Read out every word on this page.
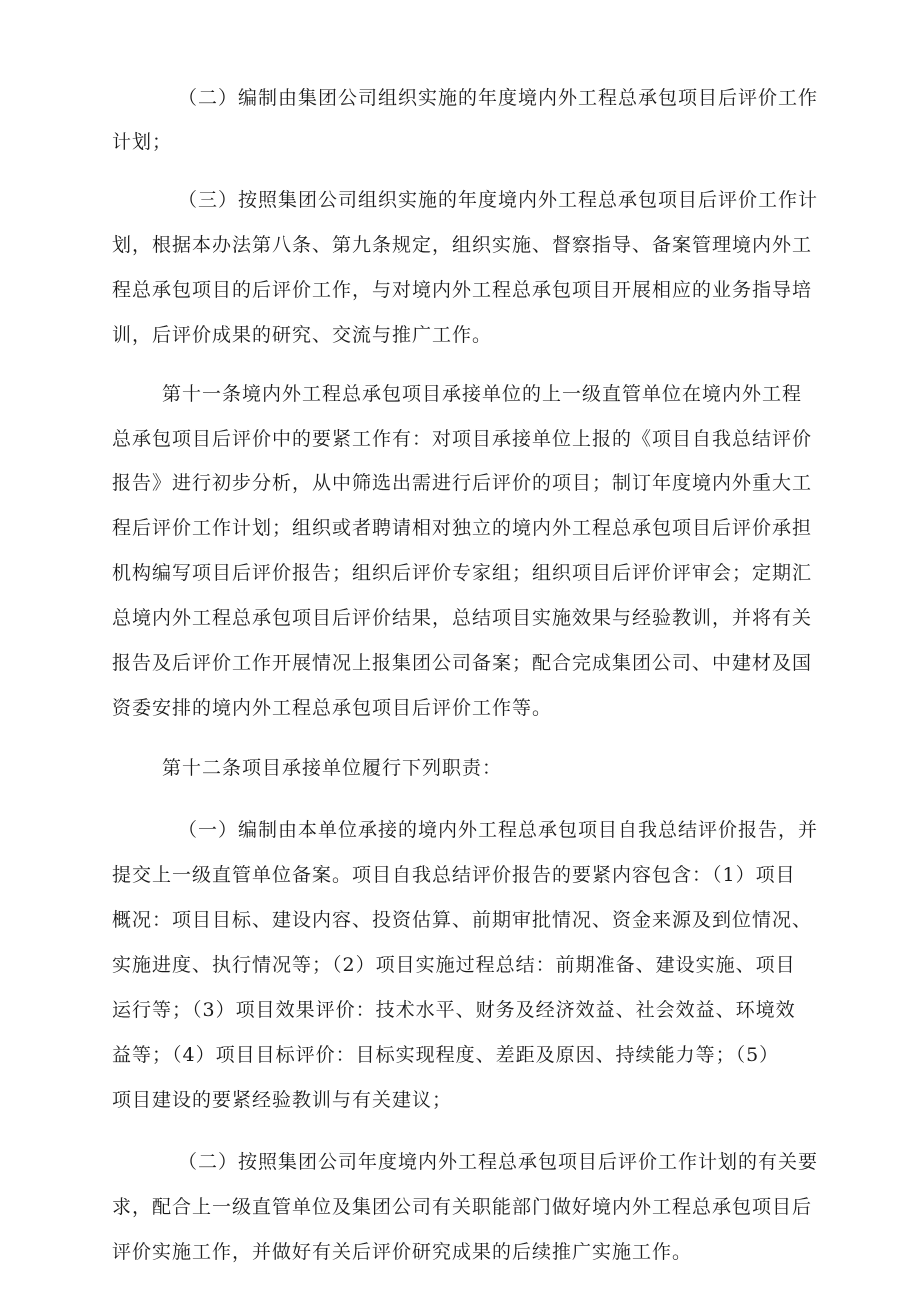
（二）编制由集团公司组织实施的年度境内外工程总承包项目后评价工作

计划；

（三）按照集团公司组织实施的年度境内外工程总承包项目后评价工作计

划，根据本办法第八条、第九条规定，组织实施、督察指导、备案管理境内外工

程总承包项目的后评价工作，与对境内外工程总承包项目开展相应的业务指导培

训，后评价成果的研究、交流与推广工作。

第十一条境内外工程总承包项目承接单位的上一级直管单位在境内外工程

总承包项目后评价中的要紧工作有：对项目承接单位上报的《项目自我总结评价

报告》进行初步分析，从中筛选出需进行后评价的项目；制订年度境内外重大工

程后评价工作计划；组织或者聘请相对独立的境内外工程总承包项目后评价承担

机构编写项目后评价报告；组织后评价专家组；组织项目后评价评审会；定期汇

总境内外工程总承包项目后评价结果，总结项目实施效果与经验教训，并将有关

报告及后评价工作开展情况上报集团公司备案；配合完成集团公司、中建材及国

资委安排的境内外工程总承包项目后评价工作等。

第十二条项目承接单位履行下列职责：

（一）编制由本单位承接的境内外工程总承包项目自我总结评价报告，并

提交上一级直管单位备案。项目自我总结评价报告的要紧内容包含：（1）项目

概况：项目目标、建设内容、投资估算、前期审批情况、资金来源及到位情况、

实施进度、执行情况等；（2）项目实施过程总结：前期准备、建设实施、项目

运行等；（3）项目效果评价：技术水平、财务及经济效益、社会效益、环境效

益等；（4）项目目标评价：目标实现程度、差距及原因、持续能力等；（5）

项目建设的要紧经验教训与有关建议；

（二）按照集团公司年度境内外工程总承包项目后评价工作计划的有关要

求，配合上一级直管单位及集团公司有关职能部门做好境内外工程总承包项目后

评价实施工作，并做好有关后评价研究成果的后续推广实施工作。
